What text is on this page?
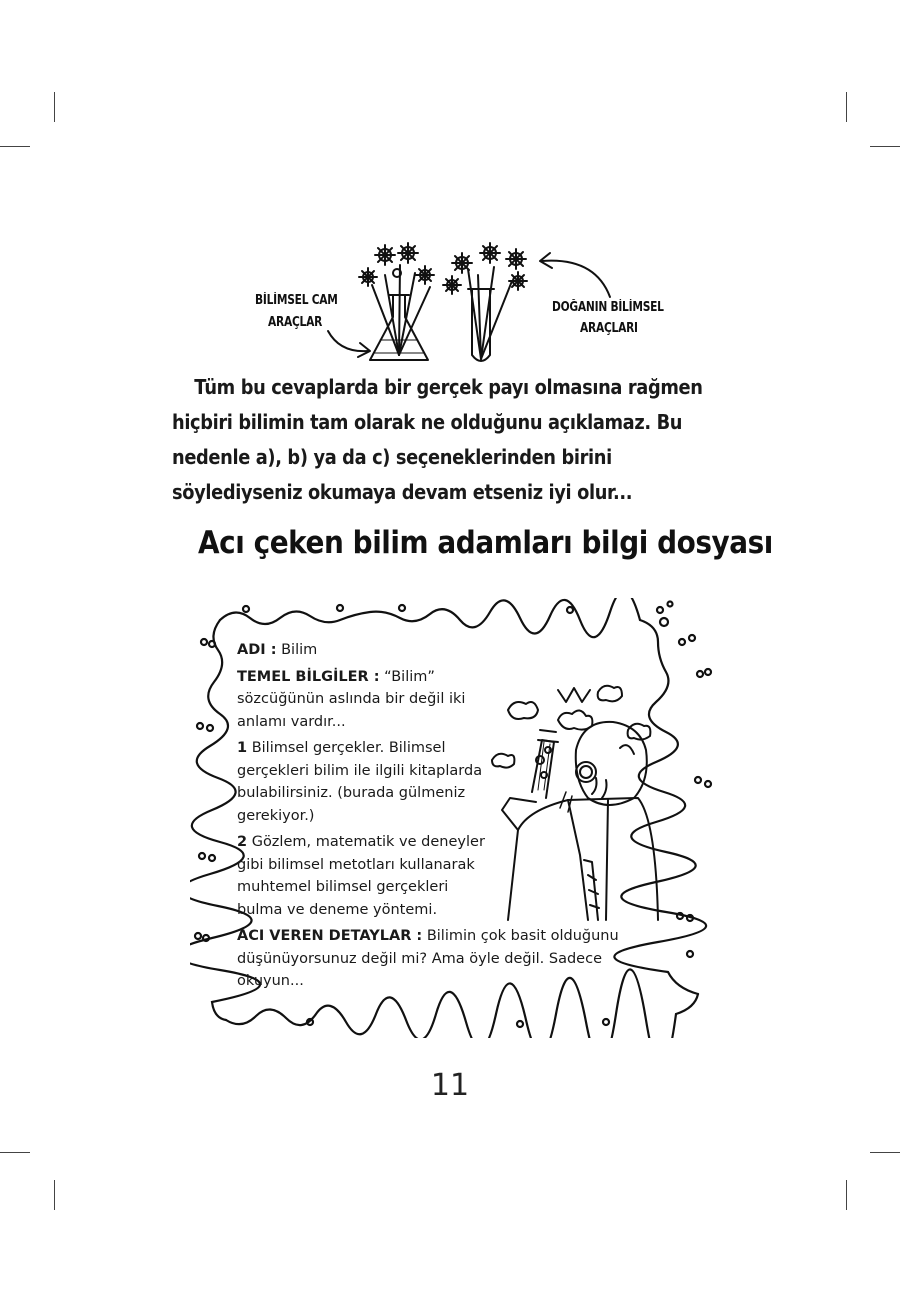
BİLİMSEL CAM
ARAÇLAR
DOĞANIN BİLİMSEL
ARAÇLARI

Tüm bu cevaplarda bir gerçek payı olmasına rağmen hiçbiri bilimin tam olarak ne olduğunu açıklamaz. Bu nedenle a), b) ya da c) seçeneklerinden birini söylediyseniz okumaya devam etseniz iyi olur...

Acı çeken bilim adamları bilgi dosyası

ADI : Bilim

TEMEL BİLGİLER : “Bilim” sözcüğünün aslında bir değil iki anlamı vardır...

1 Bilimsel gerçekler. Bilimsel gerçekleri bilim ile ilgili kitaplarda bulabilirsiniz. (burada gülmeniz gerekiyor.)

2 Gözlem, matematik ve deneyler gibi bilimsel metotları kullanarak muhtemel bilimsel gerçekleri bulma ve deneme yöntemi.

ACI VEREN DETAYLAR : Bilimin çok basit olduğunu düşünüyorsunuz değil mi? Ama öyle değil. Sadece okuyun...

11
